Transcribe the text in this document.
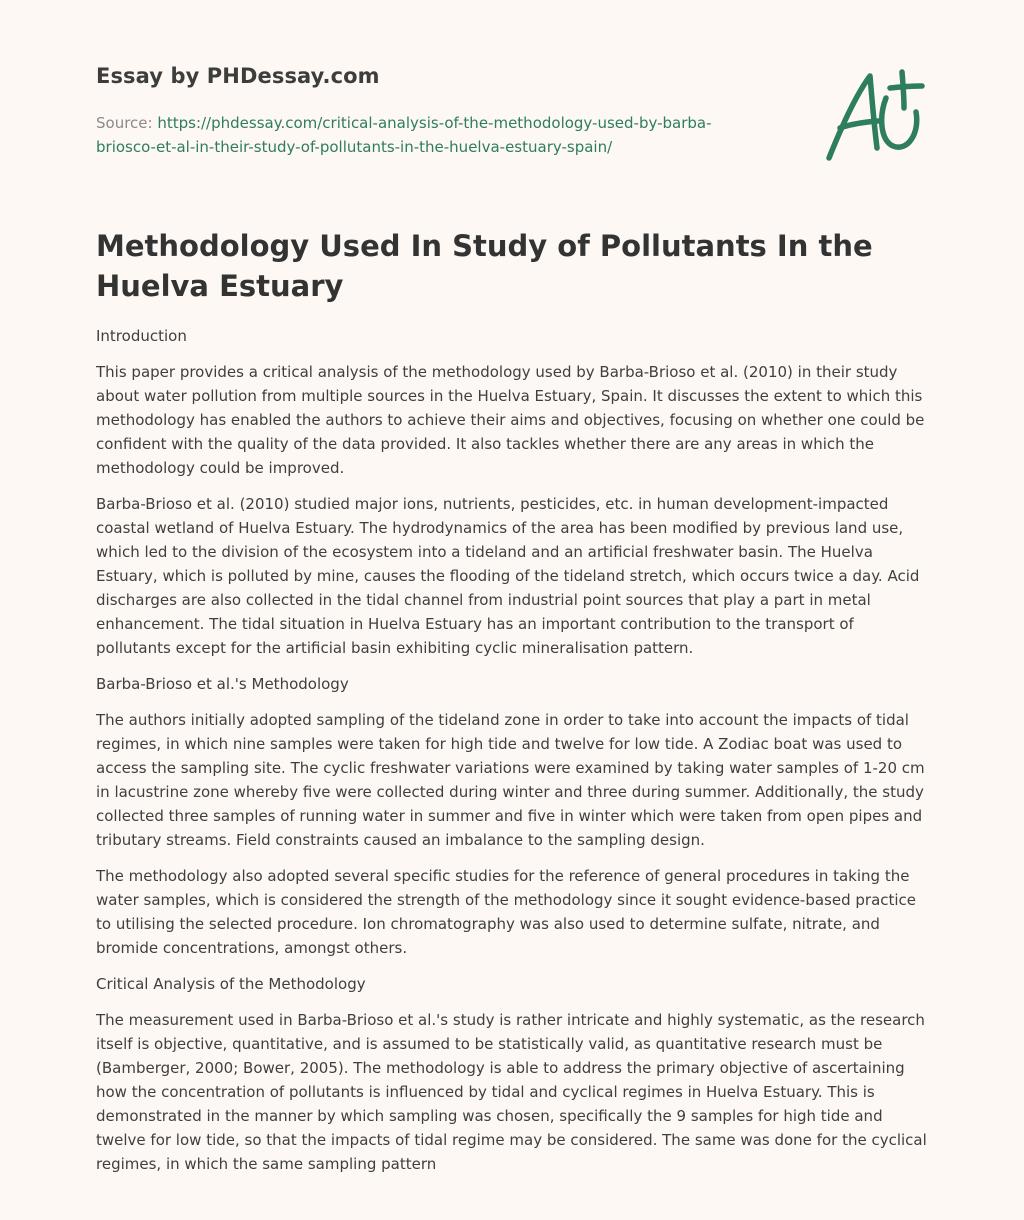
Essay by PHDessay.com
Source: https://phdessay.com/critical-analysis-of-the-methodology-used-by-barba-briosco-et-al-in-their-study-of-pollutants-in-the-huelva-estuary-spain/
Methodology Used In Study of Pollutants In the Huelva Estuary

Introduction

This paper provides a critical analysis of the methodology used by Barba-Brioso et al. (2010) in their study about water pollution from multiple sources in the Huelva Estuary, Spain. It discusses the extent to which this methodology has enabled the authors to achieve their aims and objectives, focusing on whether one could be confident with the quality of the data provided. It also tackles whether there are any areas in which the methodology could be improved.

Barba-Brioso et al. (2010) studied major ions, nutrients, pesticides, etc. in human development-impacted coastal wetland of Huelva Estuary. The hydrodynamics of the area has been modified by previous land use, which led to the division of the ecosystem into a tideland and an artificial freshwater basin. The Huelva Estuary, which is polluted by mine, causes the flooding of the tideland stretch, which occurs twice a day. Acid discharges are also collected in the tidal channel from industrial point sources that play a part in metal enhancement. The tidal situation in Huelva Estuary has an important contribution to the transport of pollutants except for the artificial basin exhibiting cyclic mineralisation pattern.

Barba-Brioso et al.'s Methodology

The authors initially adopted sampling of the tideland zone in order to take into account the impacts of tidal regimes, in which nine samples were taken for high tide and twelve for low tide. A Zodiac boat was used to access the sampling site. The cyclic freshwater variations were examined by taking water samples of 1-20 cm in lacustrine zone whereby five were collected during winter and three during summer. Additionally, the study collected three samples of running water in summer and five in winter which were taken from open pipes and tributary streams. Field constraints caused an imbalance to the sampling design.

The methodology also adopted several specific studies for the reference of general procedures in taking the water samples, which is considered the strength of the methodology since it sought evidence-based practice to utilising the selected procedure. Ion chromatography was also used to determine sulfate, nitrate, and bromide concentrations, amongst others.

Critical Analysis of the Methodology

The measurement used in Barba-Brioso et al.'s study is rather intricate and highly systematic, as the research itself is objective, quantitative, and is assumed to be statistically valid, as quantitative research must be (Bamberger, 2000; Bower, 2005). The methodology is able to address the primary objective of ascertaining how the concentration of pollutants is influenced by tidal and cyclical regimes in Huelva Estuary. This is demonstrated in the manner by which sampling was chosen, specifically the 9 samples for high tide and twelve for low tide, so that the impacts of tidal regime may be considered. The same was done for the cyclical regimes, in which the same sampling pattern
